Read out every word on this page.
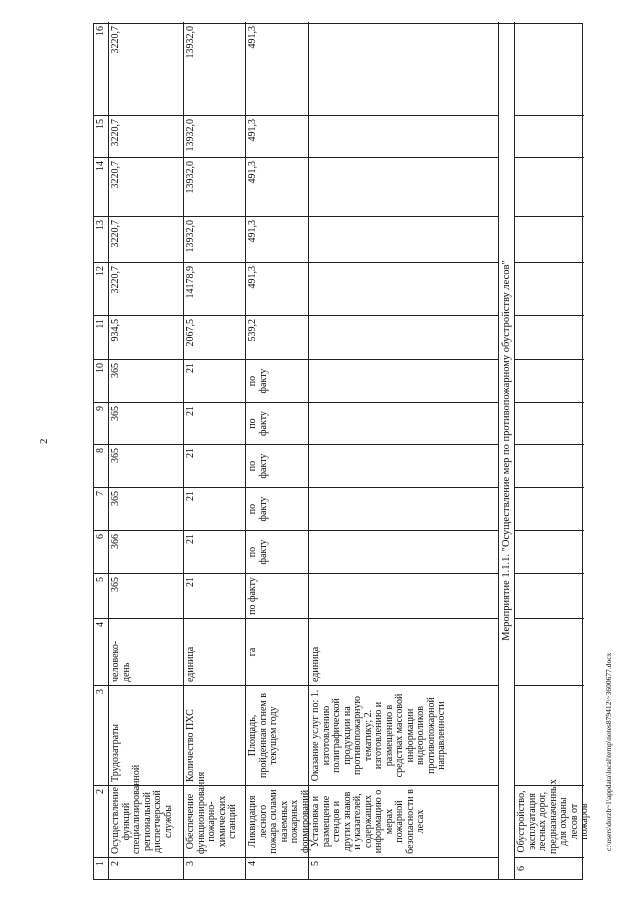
2
c:\users\dorzh~1\appdata\local\temp\notes879412\~3600677.docx
1
2
3
4
5
6
7
8
9
10
11
12
13
14
15
16
2
Осуществление функций специализированной региональной диспетчерской службы
Трудозатраты
человеко-день
365
366
365
365
365
365
934,5
3220,7
3220,7
3220,7
3220,7
3220,7
3
Обеспечение функционирования пожарно-химических станций
Количество ПХС
единица
21
21
21
21
21
21
2067,5
14178,9
13932,0
13932,0
13932,0
13932,0
4
Ликвидация лесного пожара силами наземных пожарных формирований
Площадь, пройденная огнем в текущем году
га
по факту
по факту
по факту
по факту
по факту
по факту
539,2
491,3
491,3
491,3
491,3
491,3
5
Установка и размещение стендов и других знаков и указателей, содержащих информацию о мерах пожарной безопасности в лесах
Оказание услуг по: 1. изготовлению полиграфической продукции на противопожарную тематику; 2. изготовлению и размещению в средствах массовой информации видеороликов противопожарной направленности
единица
Мероприятие 1.1.1. "Осуществление мер по противопожарному обустройству лесов"
6
Обустройство, эксплуатация лесных дорог, предназначенных для охраны лесов от пожаров
